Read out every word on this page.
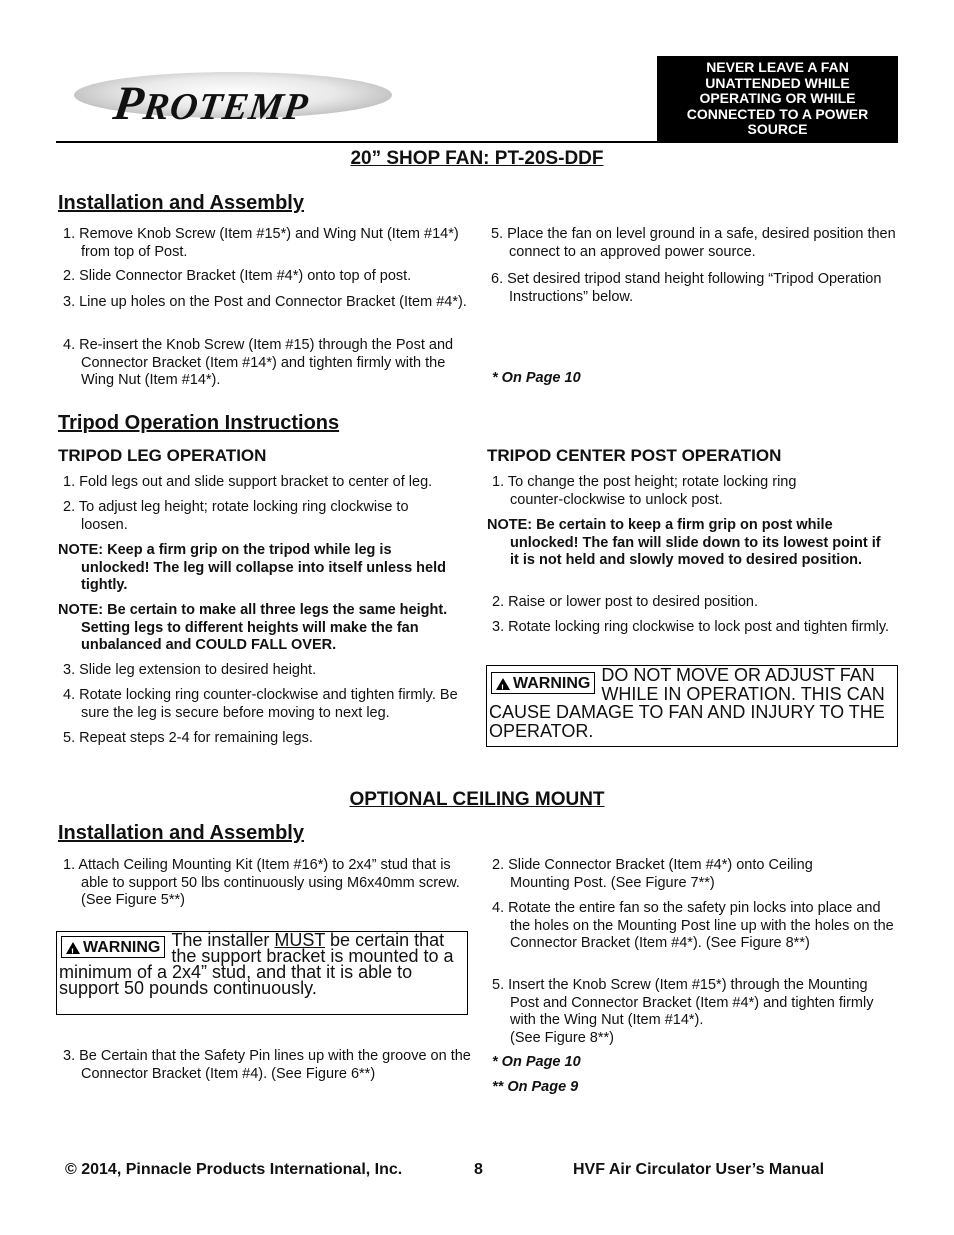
PROTEMP
NEVER LEAVE A FAN UNATTENDED WHILE OPERATING OR WHILE CONNECTED TO A POWER SOURCE
20” SHOP FAN: PT-20S-DDF
Installation and Assembly
1. Remove Knob Screw (Item #15*) and Wing Nut (Item #14*) from top of Post.
2. Slide Connector Bracket (Item #4*) onto top of post.
3. Line up holes on the Post and Connector Bracket (Item #4*).
4. Re-insert the Knob Screw (Item #15) through the Post and Connector Bracket (Item #14*) and tighten firmly with the Wing Nut (Item #14*).
5. Place the fan on level ground in a safe, desired position then connect to an approved power source.
6. Set desired tripod stand height following “Tripod Operation Instructions” below.
* On Page 10
Tripod Operation Instructions
TRIPOD LEG OPERATION
1. Fold legs out and slide support bracket to center of leg.
2. To adjust leg height; rotate locking ring clockwise to loosen.
NOTE: Keep a firm grip on the tripod while leg is unlocked! The leg will collapse into itself unless held tightly.
NOTE: Be certain to make all three legs the same height. Setting legs to different heights will make the fan unbalanced and COULD FALL OVER.
3. Slide leg extension to desired height.
4. Rotate locking ring counter-clockwise and tighten firmly. Be sure the leg is secure before moving to next leg.
5. Repeat steps 2-4 for remaining legs.
TRIPOD CENTER POST OPERATION
1. To change the post height; rotate locking ring counter-clockwise to unlock post.
NOTE: Be certain to keep a firm grip on post while unlocked! The fan will slide down to its lowest point if it is not held and slowly moved to desired position.
2. Raise or lower post to desired position.
3. Rotate locking ring clockwise to lock post and tighten firmly.
!
WARNING DO NOT MOVE OR ADJUST FAN WHILE IN OPERATION. THIS CAN CAUSE DAMAGE TO FAN AND INJURY TO THE OPERATOR.
OPTIONAL CEILING MOUNT
Installation and Assembly
1. Attach Ceiling Mounting Kit (Item #16*) to 2x4” stud that is able to support 50 lbs continuously using M6x40mm screw. (See Figure 5**)
!
WARNING The installer MUST be certain that the support bracket is mounted to a minimum of a 2x4” stud, and that it is able to support 50 pounds continuously.
3. Be Certain that the Safety Pin lines up with the groove on the Connector Bracket (Item #4). (See Figure 6**)
2. Slide Connector Bracket (Item #4*) onto Ceiling Mounting Post. (See Figure 7**)
4. Rotate the entire fan so the safety pin locks into place and the holes on the Mounting Post line up with the holes on the Connector Bracket (Item #4*). (See Figure 8**)
5. Insert the Knob Screw (Item #15*) through the Mounting Post and Connector Bracket (Item #4*) and tighten firmly with the Wing Nut (Item #14*).
(See Figure 8**)
* On Page 10
** On Page 9
© 2014, Pinnacle Products International, Inc.	8	HVF Air Circulator User’s Manual
